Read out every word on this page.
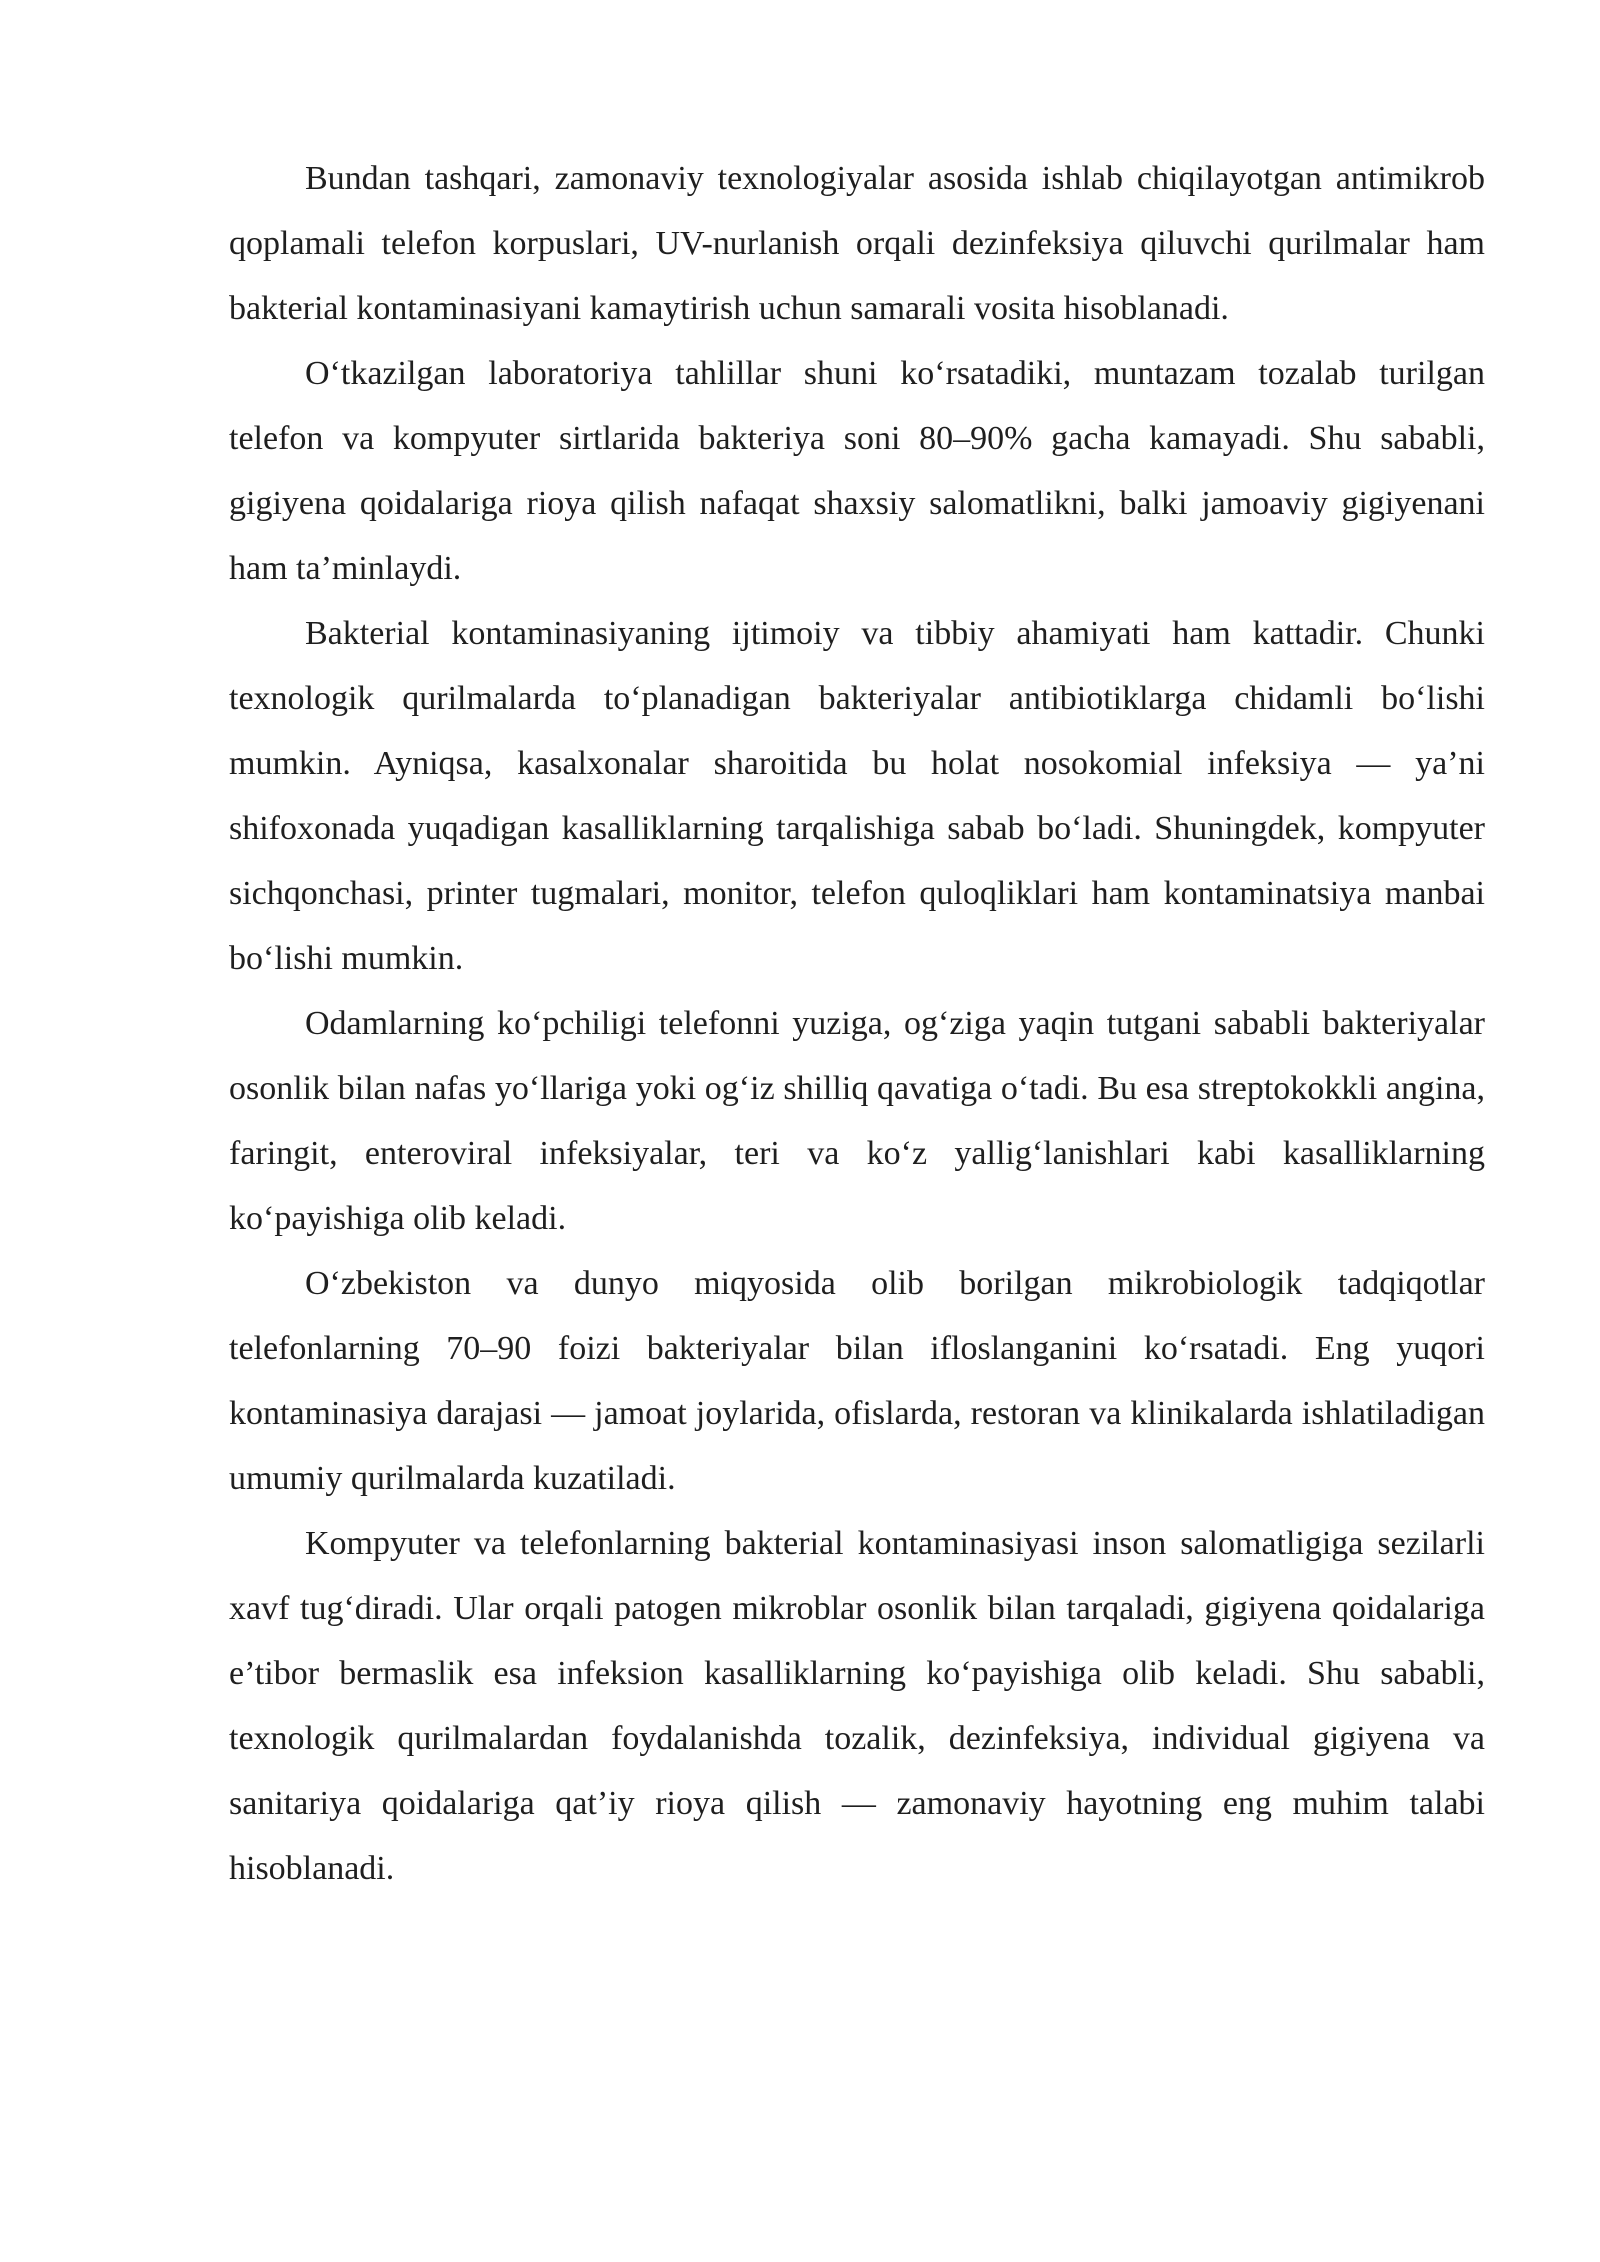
Bundan tashqari, zamonaviy texnologiyalar asosida ishlab chiqilayotgan antimikrob qoplamali telefon korpuslari, UV-nurlanish orqali dezinfeksiya qiluvchi qurilmalar ham bakterial kontaminasiyani kamaytirish uchun samarali vosita hisoblanadi.

O‘tkazilgan laboratoriya tahlillar shuni ko‘rsatadiki, muntazam tozalab turilgan telefon va kompyuter sirtlarida bakteriya soni 80–90% gacha kamayadi. Shu sababli, gigiyena qoidalariga rioya qilish nafaqat shaxsiy salomatlikni, balki jamoaviy gigiyenani ham ta’minlaydi.

Bakterial kontaminasiyaning ijtimoiy va tibbiy ahamiyati ham kattadir. Chunki texnologik qurilmalarda to‘planadigan bakteriyalar antibiotiklarga chidamli bo‘lishi mumkin. Ayniqsa, kasalxonalar sharoitida bu holat nosokomial infeksiya — ya’ni shifoxonada yuqadigan kasalliklarning tarqalishiga sabab bo‘ladi. Shuningdek, kompyuter sichqonchasi, printer tugmalari, monitor, telefon quloqliklari ham kontaminatsiya manbai bo‘lishi mumkin.

Odamlarning ko‘pchiligi telefonni yuziga, og‘ziga yaqin tutgani sababli bakteriyalar osonlik bilan nafas yo‘llariga yoki og‘iz shilliq qavatiga o‘tadi. Bu esa streptokokkli angina, faringit, enteroviral infeksiyalar, teri va ko‘z yallig‘lanishlari kabi kasalliklarning ko‘payishiga olib keladi.

O‘zbekiston va dunyo miqyosida olib borilgan mikrobiologik tadqiqotlar telefonlarning 70–90 foizi bakteriyalar bilan ifloslanganini ko‘rsatadi. Eng yuqori kontaminasiya darajasi — jamoat joylarida, ofislarda, restoran va klinikalarda ishlatiladigan umumiy qurilmalarda kuzatiladi.

Kompyuter va telefonlarning bakterial kontaminasiyasi inson salomatligiga sezilarli xavf tug‘diradi. Ular orqali patogen mikroblar osonlik bilan tarqaladi, gigiyena qoidalariga e’tibor bermaslik esa infeksion kasalliklarning ko‘payishiga olib keladi. Shu sababli, texnologik qurilmalardan foydalanishda tozalik, dezinfeksiya, individual gigiyena va sanitariya qoidalariga qat’iy rioya qilish — zamonaviy hayotning eng muhim talabi hisoblanadi.
